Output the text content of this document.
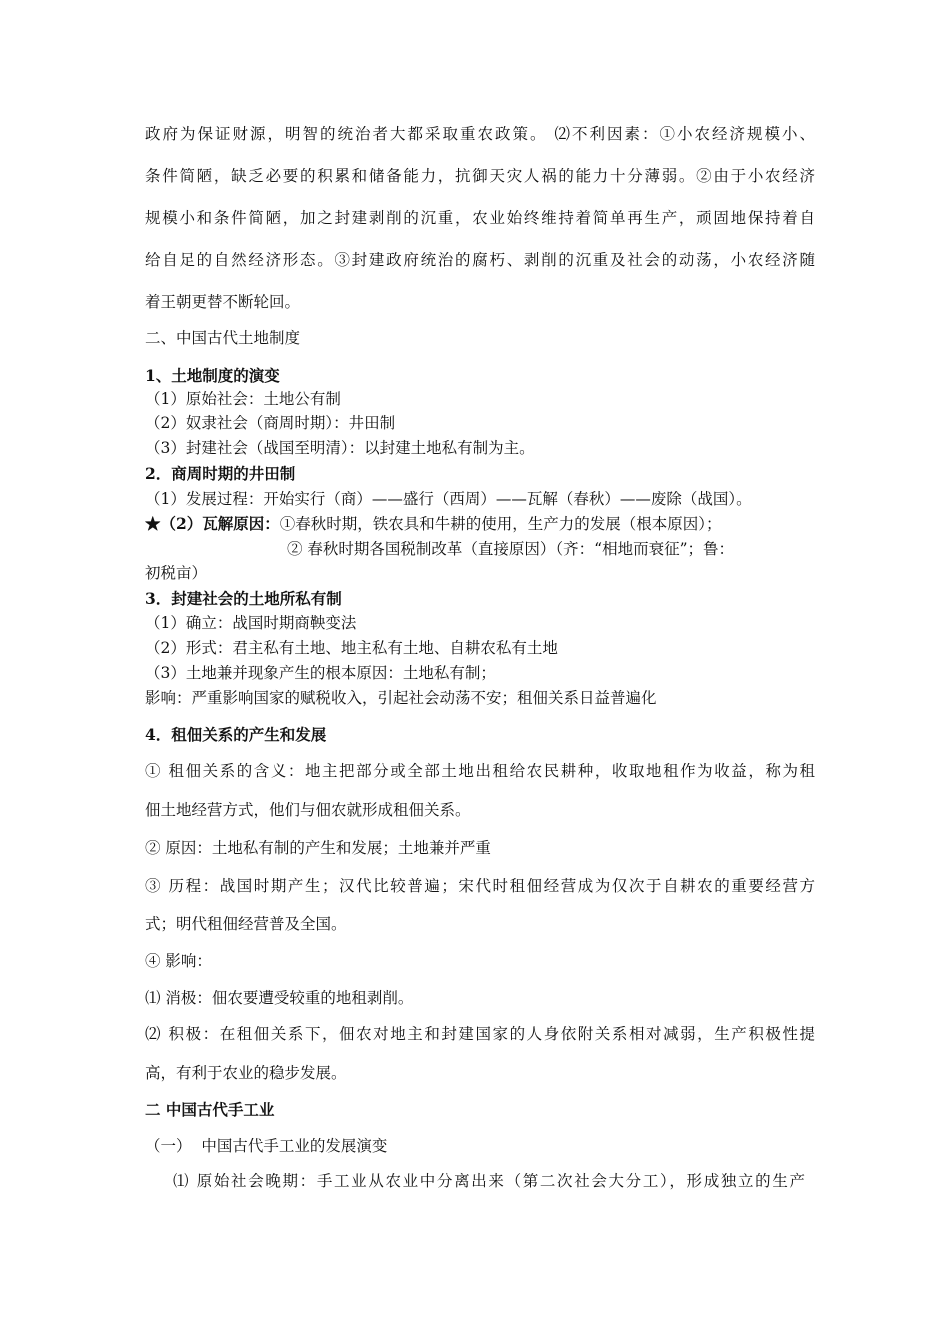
政府为保证财源，明智的统治者大都采取重农政策。 ⑵不利因素：①小农经济规模小、
条件简陋，缺乏必要的积累和储备能力，抗御天灾人祸的能力十分薄弱。②由于小农经济
规模小和条件简陋，加之封建剥削的沉重，农业始终维持着简单再生产，顽固地保持着自
给自足的自然经济形态。③封建政府统治的腐朽、剥削的沉重及社会的动荡，小农经济随
着王朝更替不断轮回。
二、中国古代土地制度
1、土地制度的演变
（1）原始社会：土地公有制
（2）奴隶社会（商周时期）：井田制
（3）封建社会（战国至明清）：以封建土地私有制为主。
2．商周时期的井田制
（1）发展过程：开始实行（商）——盛行（西周）——瓦解（春秋）——废除（战国）。
★（2）瓦解原因：①春秋时期，铁农具和牛耕的使用，生产力的发展（根本原因）；
② 春秋时期各国税制改革（直接原因）（齐：“相地而衰征”；鲁：
初税亩）
3．封建社会的土地所私有制
（1）确立：战国时期商鞅变法
（2）形式：君主私有土地、地主私有土地、自耕农私有土地
（3）土地兼并现象产生的根本原因：土地私有制；
影响：严重影响国家的赋税收入，引起社会动荡不安；租佃关系日益普遍化
4．租佃关系的产生和发展
① 租佃关系的含义：地主把部分或全部土地出租给农民耕种，收取地租作为收益，称为租
佃土地经营方式，他们与佃农就形成租佃关系。
② 原因：土地私有制的产生和发展；土地兼并严重
③ 历程：战国时期产生；汉代比较普遍；宋代时租佃经营成为仅次于自耕农的重要经营方
式；明代租佃经营普及全国。
④ 影响：
⑴ 消极：佃农要遭受较重的地租剥削。
⑵ 积极：在租佃关系下，佃农对地主和封建国家的人身依附关系相对减弱，生产积极性提
高，有利于农业的稳步发展。
二 中国古代手工业
（一）  中国古代手工业的发展演变
⑴ 原始社会晚期：手工业从农业中分离出来（第二次社会大分工），形成独立的生产
